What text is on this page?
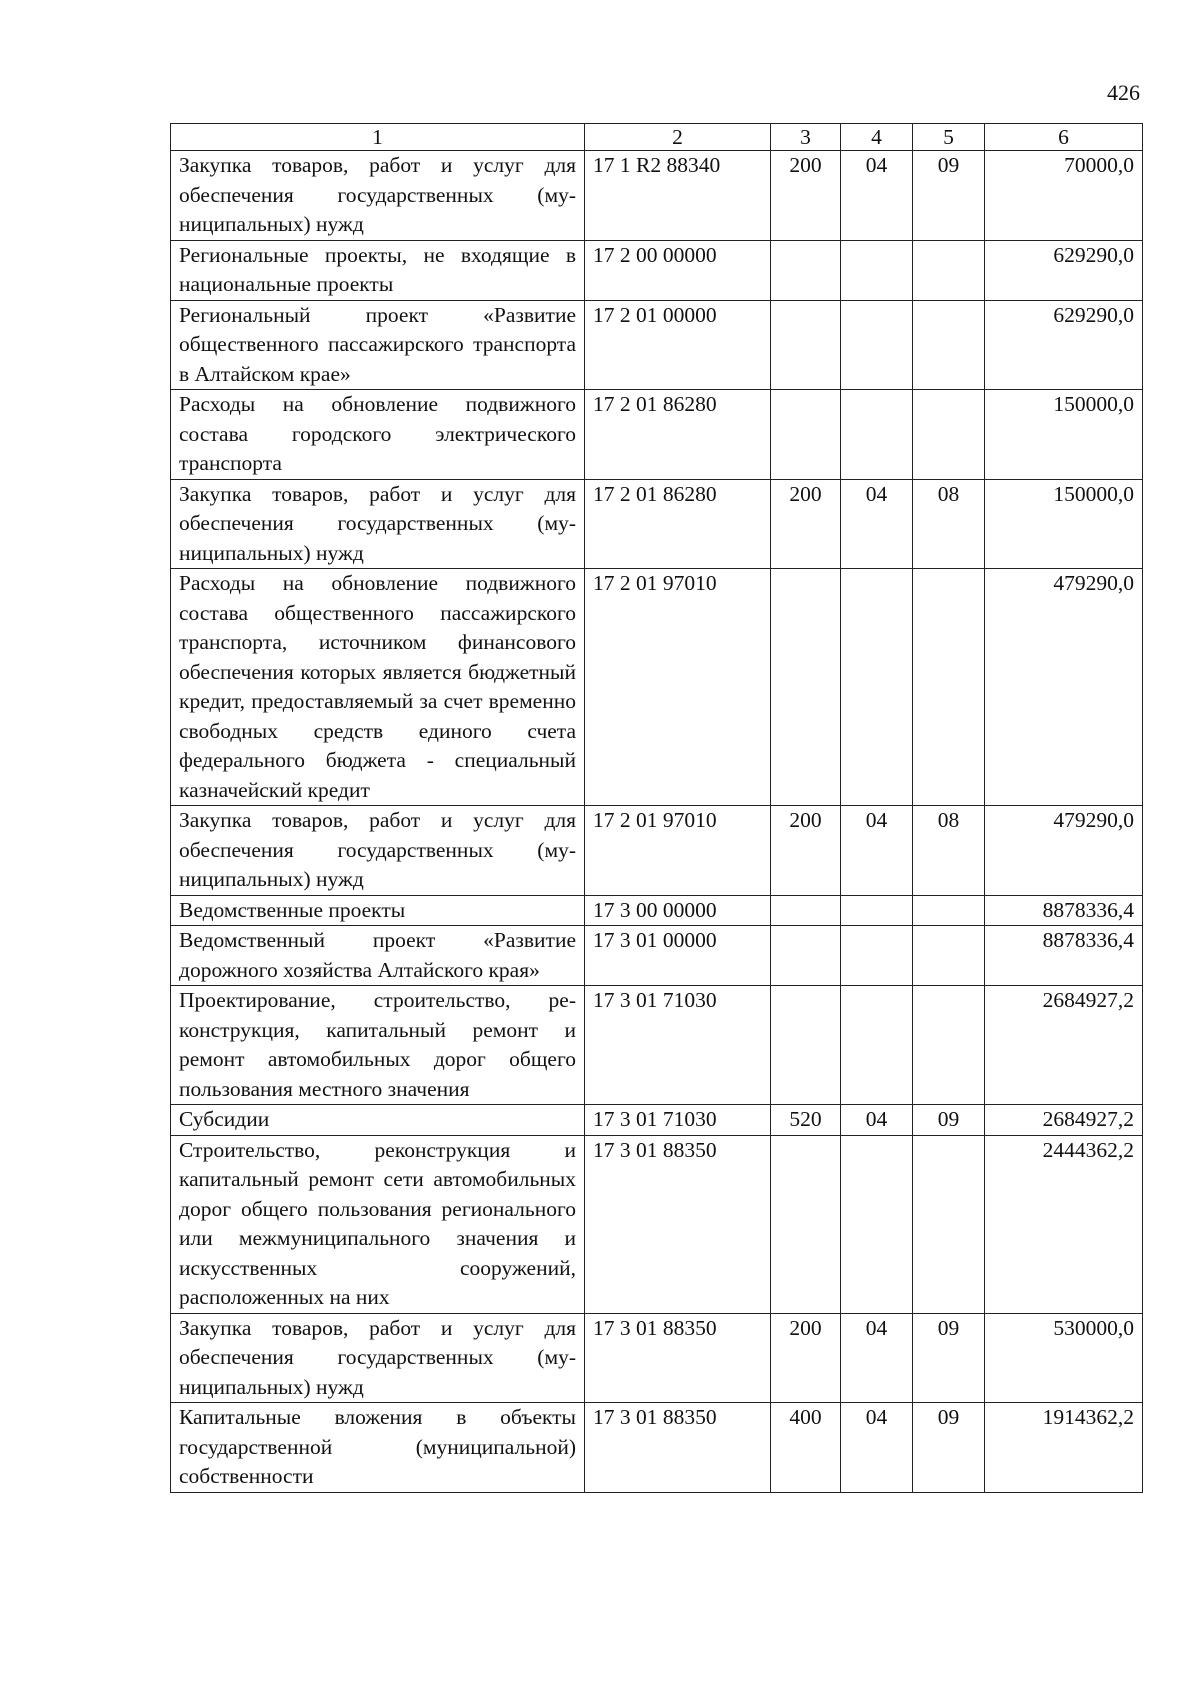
426
1	2	3	4	5	6
Закупка товаров, работ и услуг для обеспечения государственных (муниципальных) нужд	17 1 R2 88340	200	04	09	70000,0
Региональные проекты, не входящие в национальные проекты	17 2 00 00000				629290,0
Региональный проект «Развитие общественного пассажирского транспорта в Алтайском крае»	17 2 01 00000				629290,0
Расходы на обновление подвижного состава городского электрического транспорта	17 2 01 86280				150000,0
Закупка товаров, работ и услуг для обеспечения государственных (муниципальных) нужд	17 2 01 86280	200	04	08	150000,0
Расходы на обновление подвижного состава общественного пассажирского транспорта, источником финансового обеспечения которых является бюджетный кредит, предоставляемый за счет временно свободных средств единого счета федерального бюджета - специальный казначейский кредит	17 2 01 97010				479290,0
Закупка товаров, работ и услуг для обеспечения государственных (муниципальных) нужд	17 2 01 97010	200	04	08	479290,0
Ведомственные проекты	17 3 00 00000				8878336,4
Ведомственный проект «Развитие дорожного хозяйства Алтайского края»	17 3 01 00000				8878336,4
Проектирование, строительство, реконструкция, капитальный ремонт и ремонт автомобильных дорог общего пользования местного значения	17 3 01 71030				2684927,2
Субсидии	17 3 01 71030	520	04	09	2684927,2
Строительство, реконструкция и капитальный ремонт сети автомобильных дорог общего пользования регионального или межмуниципального значения и искусственных сооружений, расположенных на них	17 3 01 88350				2444362,2
Закупка товаров, работ и услуг для обеспечения государственных (муниципальных) нужд	17 3 01 88350	200	04	09	530000,0
Капитальные вложения в объекты государственной (муниципальной) собственности	17 3 01 88350	400	04	09	1914362,2
